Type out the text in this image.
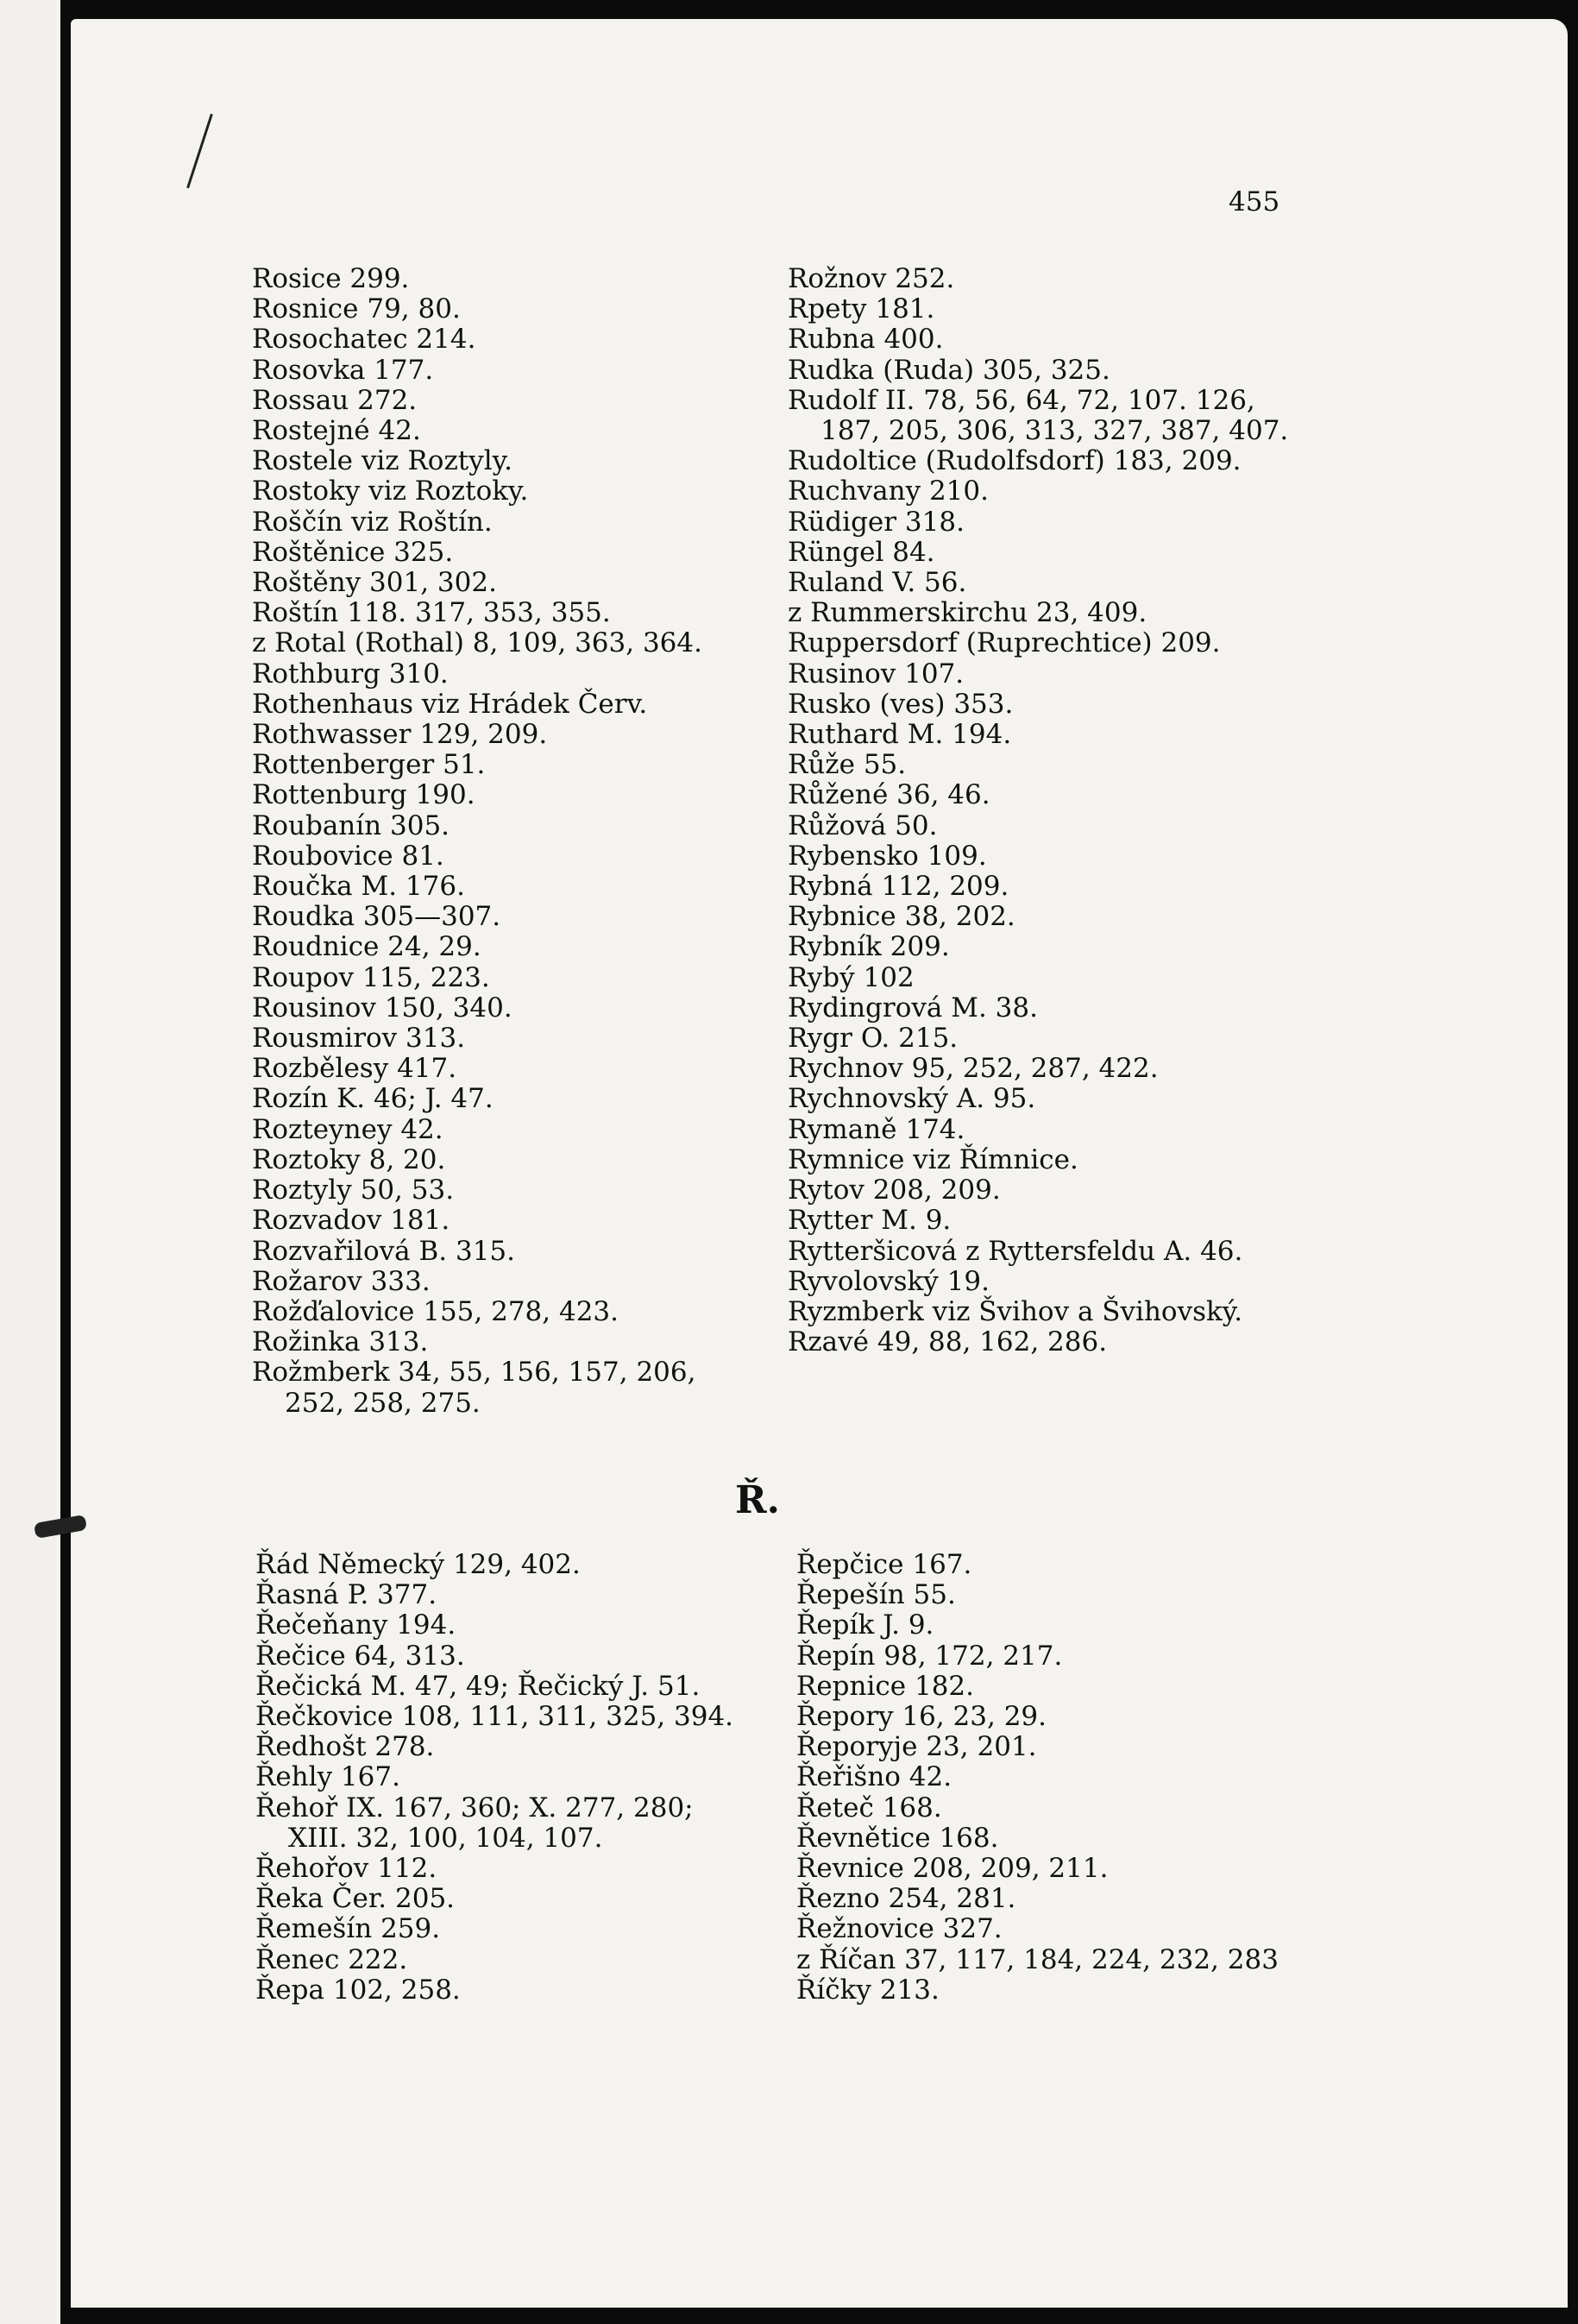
455
Rosice 299.
Rosnice 79, 80.
Rosochatec 214.
Rosovka 177.
Rossau 272.
Rostejné 42.
Rostele viz Roztyly.
Rostoky viz Roztoky.
Roščín viz Roštín.
Roštěnice 325.
Roštěny 301, 302.
Roštín 118. 317, 353, 355.
z Rotal (Rothal) 8, 109, 363, 364.
Rothburg 310.
Rothenhaus viz Hrádek Červ.
Rothwasser 129, 209.
Rottenberger 51.
Rottenburg 190.
Roubanín 305.
Roubovice 81.
Roučka M. 176.
Roudka 305—307.
Roudnice 24, 29.
Roupov 115, 223.
Rousinov 150, 340.
Rousmirov 313.
Rozbělesy 417.
Rozín K. 46; J. 47.
Rozteyney 42.
Roztoky 8, 20.
Roztyly 50, 53.
Rozvadov 181.
Rozvařilová B. 315.
Rožarov 333.
Rožďalovice 155, 278, 423.
Rožinka 313.
Rožmberk 34, 55, 156, 157, 206,
252, 258, 275.
Rožnov 252.
Rpety 181.
Rubna 400.
Rudka (Ruda) 305, 325.
Rudolf II. 78, 56, 64, 72, 107. 126,
187, 205, 306, 313, 327, 387, 407.
Rudoltice (Rudolfsdorf) 183, 209.
Ruchvany 210.
Rüdiger 318.
Rüngel 84.
Ruland V. 56.
z Rummerskirchu 23, 409.
Ruppersdorf (Ruprechtice) 209.
Rusinov 107.
Rusko (ves) 353.
Ruthard M. 194.
Růže 55.
Růžené 36, 46.
Růžová 50.
Rybensko 109.
Rybná 112, 209.
Rybnice 38, 202.
Rybník 209.
Rybý 102
Rydingrová M. 38.
Rygr O. 215.
Rychnov 95, 252, 287, 422.
Rychnovský A. 95.
Rymaně 174.
Rymnice viz Římnice.
Rytov 208, 209.
Rytter M. 9.
Rytteršicová z Ryttersfeldu A. 46.
Ryvolovský 19.
Ryzmberk viz Švihov a Švihovský.
Rzavé 49, 88, 162, 286.
Ř.
Řád Německý 129, 402.
Řasná P. 377.
Řečeňany 194.
Řečice 64, 313.
Řečická M. 47, 49; Řečický J. 51.
Řečkovice 108, 111, 311, 325, 394.
Ředhošt 278.
Řehly 167.
Řehoř IX. 167, 360; X. 277, 280;
XIII. 32, 100, 104, 107.
Řehořov 112.
Řeka Čer. 205.
Řemešín 259.
Řenec 222.
Řepa 102, 258.
Řepčice 167.
Řepešín 55.
Řepík J. 9.
Řepín 98, 172, 217.
Repnice 182.
Řepory 16, 23, 29.
Řeporyje 23, 201.
Řeřišno 42.
Řeteč 168.
Řevnětice 168.
Řevnice 208, 209, 211.
Řezno 254, 281.
Řežnovice 327.
z Říčan 37, 117, 184, 224, 232, 283
Říčky 213.
